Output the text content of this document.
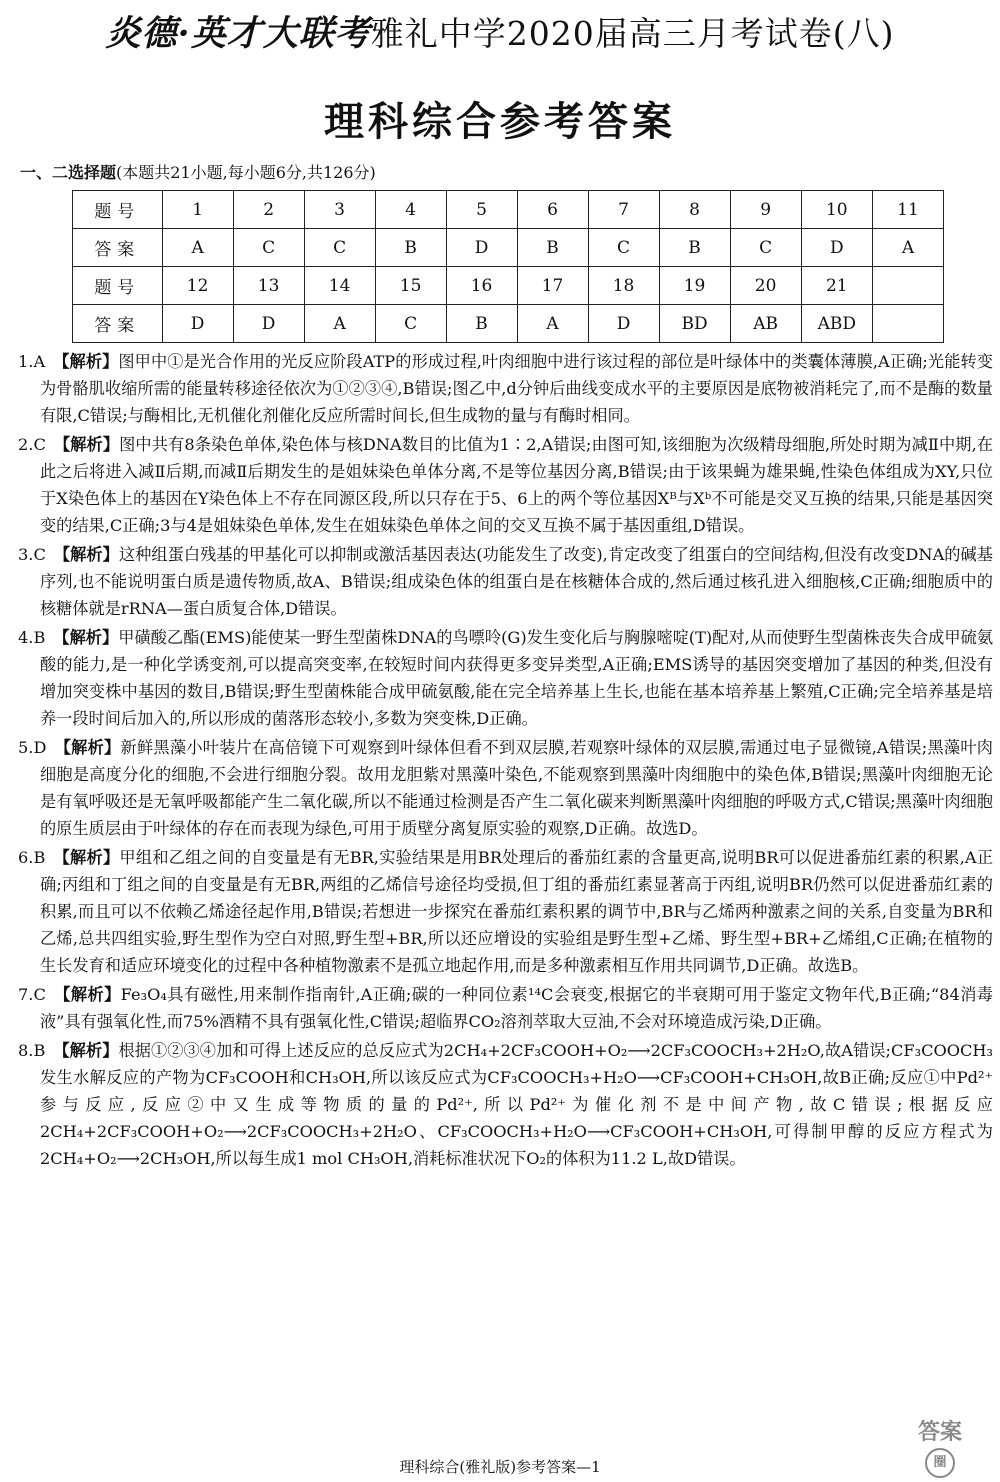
炎德·英才大联考雅礼中学2020届高三月考试卷(八)
理科综合参考答案
一、二选择题(本题共21小题,每小题6分,共126分)
题号	1	2	3	4	5	6	7	8	9	10	11
答案	A	C	C	B	D	B	C	B	C	D	A
题号	12	13	14	15	16	17	18	19	20	21	
答案	D	D	A	C	B	A	D	BD	AB	ABD	
1.A 【解析】图甲中①是光合作用的光反应阶段ATP的形成过程,叶肉细胞中进行该过程的部位是叶绿体中的类囊体薄膜,A正确;光能转变为骨骼肌收缩所需的能量转移途径依次为①②③④,B错误;图乙中,d分钟后曲线变成水平的主要原因是底物被消耗完了,而不是酶的数量有限,C错误;与酶相比,无机催化剂催化反应所需时间长,但生成物的量与有酶时相同。
2.C 【解析】图中共有8条染色单体,染色体与核DNA数目的比值为1∶2,A错误;由图可知,该细胞为次级精母细胞,所处时期为减Ⅱ中期,在此之后将进入减Ⅱ后期,而减Ⅱ后期发生的是姐妹染色单体分离,不是等位基因分离,B错误;由于该果蝇为雄果蝇,性染色体组成为XY,只位于X染色体上的基因在Y染色体上不存在同源区段,所以只存在于5、6上的两个等位基因Xᴮ与Xᵇ不可能是交叉互换的结果,只能是基因突变的结果,C正确;3与4是姐妹染色单体,发生在姐妹染色单体之间的交叉互换不属于基因重组,D错误。
3.C 【解析】这种组蛋白残基的甲基化可以抑制或激活基因表达(功能发生了改变),肯定改变了组蛋白的空间结构,但没有改变DNA的碱基序列,也不能说明蛋白质是遗传物质,故A、B错误;组成染色体的组蛋白是在核糖体合成的,然后通过核孔进入细胞核,C正确;细胞质中的核糖体就是rRNA—蛋白质复合体,D错误。
4.B 【解析】甲磺酸乙酯(EMS)能使某一野生型菌株DNA的鸟嘌呤(G)发生变化后与胸腺嘧啶(T)配对,从而使野生型菌株丧失合成甲硫氨酸的能力,是一种化学诱变剂,可以提高突变率,在较短时间内获得更多变异类型,A正确;EMS诱导的基因突变增加了基因的种类,但没有增加突变株中基因的数目,B错误;野生型菌株能合成甲硫氨酸,能在完全培养基上生长,也能在基本培养基上繁殖,C正确;完全培养基是培养一段时间后加入的,所以形成的菌落形态较小,多数为突变株,D正确。
5.D 【解析】新鲜黑藻小叶装片在高倍镜下可观察到叶绿体但看不到双层膜,若观察叶绿体的双层膜,需通过电子显微镜,A错误;黑藻叶肉细胞是高度分化的细胞,不会进行细胞分裂。故用龙胆紫对黑藻叶染色,不能观察到黑藻叶肉细胞中的染色体,B错误;黑藻叶肉细胞无论是有氧呼吸还是无氧呼吸都能产生二氧化碳,所以不能通过检测是否产生二氧化碳来判断黑藻叶肉细胞的呼吸方式,C错误;黑藻叶肉细胞的原生质层由于叶绿体的存在而表现为绿色,可用于质壁分离复原实验的观察,D正确。故选D。
6.B 【解析】甲组和乙组之间的自变量是有无BR,实验结果是用BR处理后的番茄红素的含量更高,说明BR可以促进番茄红素的积累,A正确;丙组和丁组之间的自变量是有无BR,两组的乙烯信号途径均受损,但丁组的番茄红素显著高于丙组,说明BR仍然可以促进番茄红素的积累,而且可以不依赖乙烯途径起作用,B错误;若想进一步探究在番茄红素积累的调节中,BR与乙烯两种激素之间的关系,自变量为BR和乙烯,总共四组实验,野生型作为空白对照,野生型+BR,所以还应增设的实验组是野生型+乙烯、野生型+BR+乙烯组,C正确;在植物的生长发育和适应环境变化的过程中各种植物激素不是孤立地起作用,而是多种激素相互作用共同调节,D正确。故选B。
7.C 【解析】Fe₃O₄具有磁性,用来制作指南针,A正确;碳的一种同位素¹⁴C会衰变,根据它的半衰期可用于鉴定文物年代,B正确;“84消毒液”具有强氧化性,而75%酒精不具有强氧化性,C错误;超临界CO₂溶剂萃取大豆油,不会对环境造成污染,D正确。
8.B 【解析】根据①②③④加和可得上述反应的总反应式为2CH₄+2CF₃COOH+O₂⟶2CF₃COOCH₃+2H₂O,故A错误;CF₃COOCH₃发生水解反应的产物为CF₃COOH和CH₃OH,所以该反应式为CF₃COOCH₃+H₂O⟶CF₃COOH+CH₃OH,故B正确;反应①中Pd²⁺参与反应,反应②中又生成等物质的量的Pd²⁺,所以Pd²⁺为催化剂不是中间产物,故C错误;根据反应2CH₄+2CF₃COOH+O₂⟶2CF₃COOCH₃+2H₂O、CF₃COOCH₃+H₂O⟶CF₃COOH+CH₃OH,可得制甲醇的反应方程式为2CH₄+O₂⟶2CH₃OH,所以每生成1 mol CH₃OH,消耗标准状况下O₂的体积为11.2 L,故D错误。
理科综合(雅礼版)参考答案—1
答案圈
